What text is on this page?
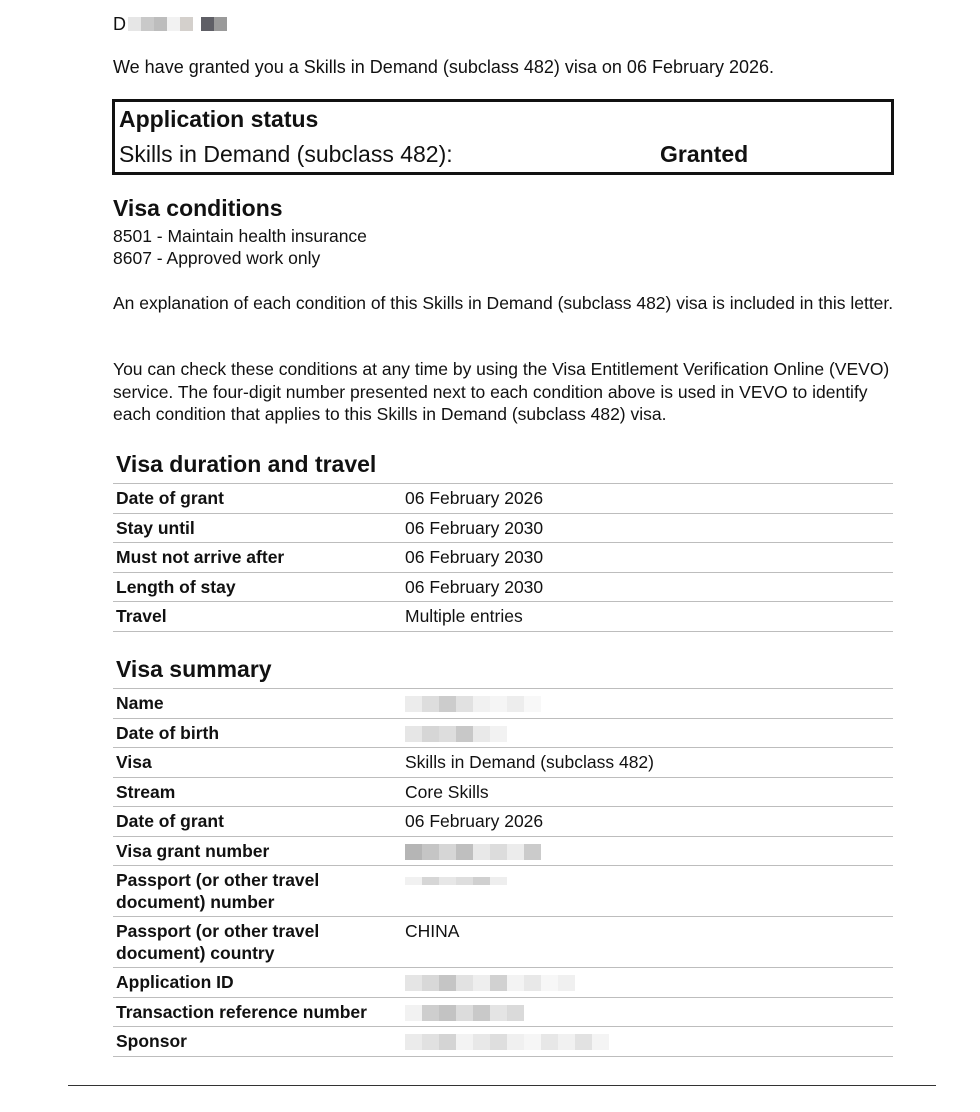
D

We have granted you a Skills in Demand (subclass 482) visa on 06 February 2026.

Application status
Skills in Demand (subclass 482):	Granted
Visa conditions
8501 - Maintain health insurance
8607 - Approved work only

An explanation of each condition of this Skills in Demand (subclass 482) visa is included in this letter.

You can check these conditions at any time by using the Visa Entitlement Verification Online (VEVO) service. The four-digit number presented next to each condition above is used in VEVO to identify each condition that applies to this Skills in Demand (subclass 482) visa.

Visa duration and travel
Date of grant	06 February 2026
Stay until	06 February 2030
Must not arrive after	06 February 2030
Length of stay	06 February 2030
Travel	Multiple entries
Visa summary
Name	

Date of birth	

Visa	Skills in Demand (subclass 482)
Stream	Core Skills
Date of grant	06 February 2026
Visa grant number	

Passport (or other travel document) number	

Passport (or other travel document) country	CHINA
Application ID	

Transaction reference number	

Sponsor	
